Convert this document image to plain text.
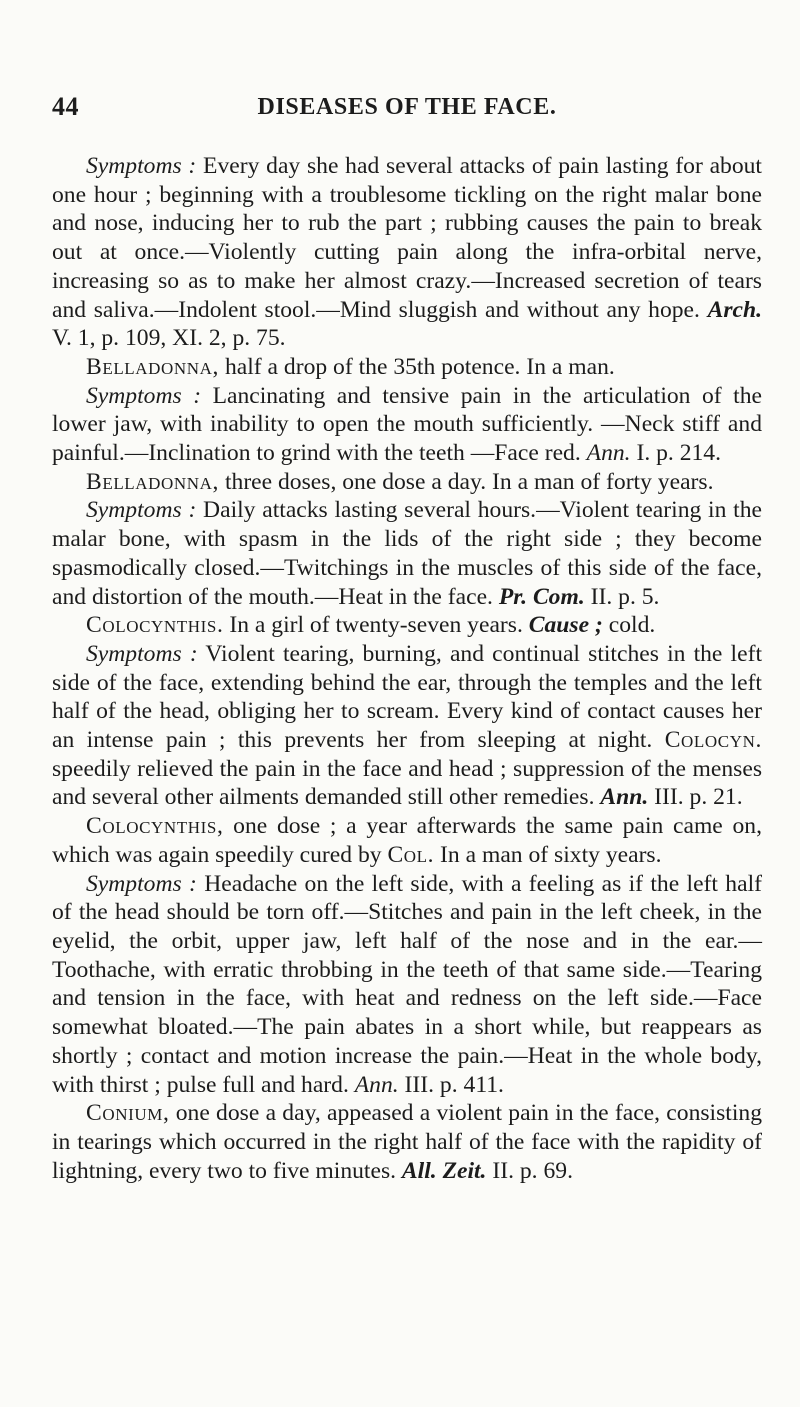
44	DISEASES OF THE FACE.

Symptoms : Every day she had several attacks of pain lasting for about one hour ; beginning with a troublesome tickling on the right malar bone and nose, inducing her to rub the part ; rubbing causes the pain to break out at once.—Violently cutting pain along the infra-orbital nerve, increasing so as to make her almost crazy.—Increased secretion of tears and saliva.—Indolent stool.—Mind sluggish and without any hope. Arch. V. 1, p. 109, XI. 2, p. 75.

Belladonna, half a drop of the 35th potence. In a man.

Symptoms : Lancinating and tensive pain in the articulation of the lower jaw, with inability to open the mouth sufficiently. —Neck stiff and painful.—Inclination to grind with the teeth —Face red. Ann. I. p. 214.

Belladonna, three doses, one dose a day. In a man of forty years.

Symptoms : Daily attacks lasting several hours.—Violent tearing in the malar bone, with spasm in the lids of the right side ; they become spasmodically closed.—Twitchings in the muscles of this side of the face, and distortion of the mouth.—Heat in the face. Pr. Com. II. p. 5.

Colocynthis. In a girl of twenty-seven years. Cause ; cold.

Symptoms : Violent tearing, burning, and continual stitches in the left side of the face, extending behind the ear, through the temples and the left half of the head, obliging her to scream. Every kind of contact causes her an intense pain ; this prevents her from sleeping at night. Colocyn. speedily relieved the pain in the face and head ; suppression of the menses and several other ailments demanded still other remedies. Ann. III. p. 21.

Colocynthis, one dose ; a year afterwards the same pain came on, which was again speedily cured by Col. In a man of sixty years.

Symptoms : Headache on the left side, with a feeling as if the left half of the head should be torn off.—Stitches and pain in the left cheek, in the eyelid, the orbit, upper jaw, left half of the nose and in the ear.—Toothache, with erratic throbbing in the teeth of that same side.—Tearing and tension in the face, with heat and redness on the left side.—Face somewhat bloated.—The pain abates in a short while, but reappears as shortly ; contact and motion increase the pain.—Heat in the whole body, with thirst ; pulse full and hard. Ann. III. p. 411.

Conium, one dose a day, appeased a violent pain in the face, consisting in tearings which occurred in the right half of the face with the rapidity of lightning, every two to five minutes. All. Zeit. II. p. 69.
